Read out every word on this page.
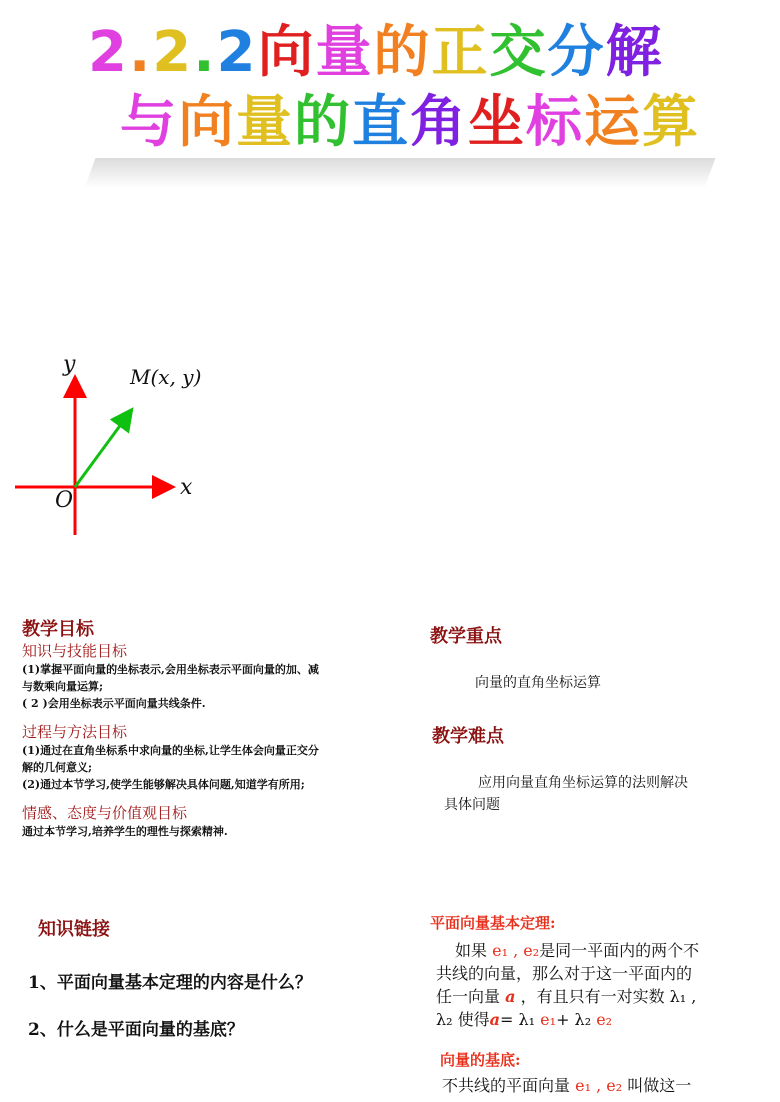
2.2.2向量的正交分解
与向量的直角坐标运算
y
x
O
M(x, y)
教学目标
知识与技能目标
(1)掌握平面向量的坐标表示,会用坐标表示平面向量的加、减
与数乘向量运算;
( 2 )会用坐标表示平面向量共线条件.
过程与方法目标
(1)通过在直角坐标系中求向量的坐标,让学生体会向量正交分
解的几何意义;
(2)通过本节学习,使学生能够解决具体问题,知道学有所用;
情感、态度与价值观目标
通过本节学习,培养学生的理性与探索精神.
教学重点
向量的直角坐标运算
教学难点
应用向量直角坐标运算的法则解决
具体问题
知识链接
1、平面向量基本定理的内容是什么？
2、什么是平面向量的基底？
平面向量基本定理:
如果 e₁ , e₂是同一平面内的两个不
共线的向量，那么对于这一平面内的
任一向量 a ，有且只有一对实数 λ₁ ,
λ₂ 使得a= λ₁ e₁+ λ₂ e₂
向量的基底:
不共线的平面向量 e₁ , e₂ 叫做这一
